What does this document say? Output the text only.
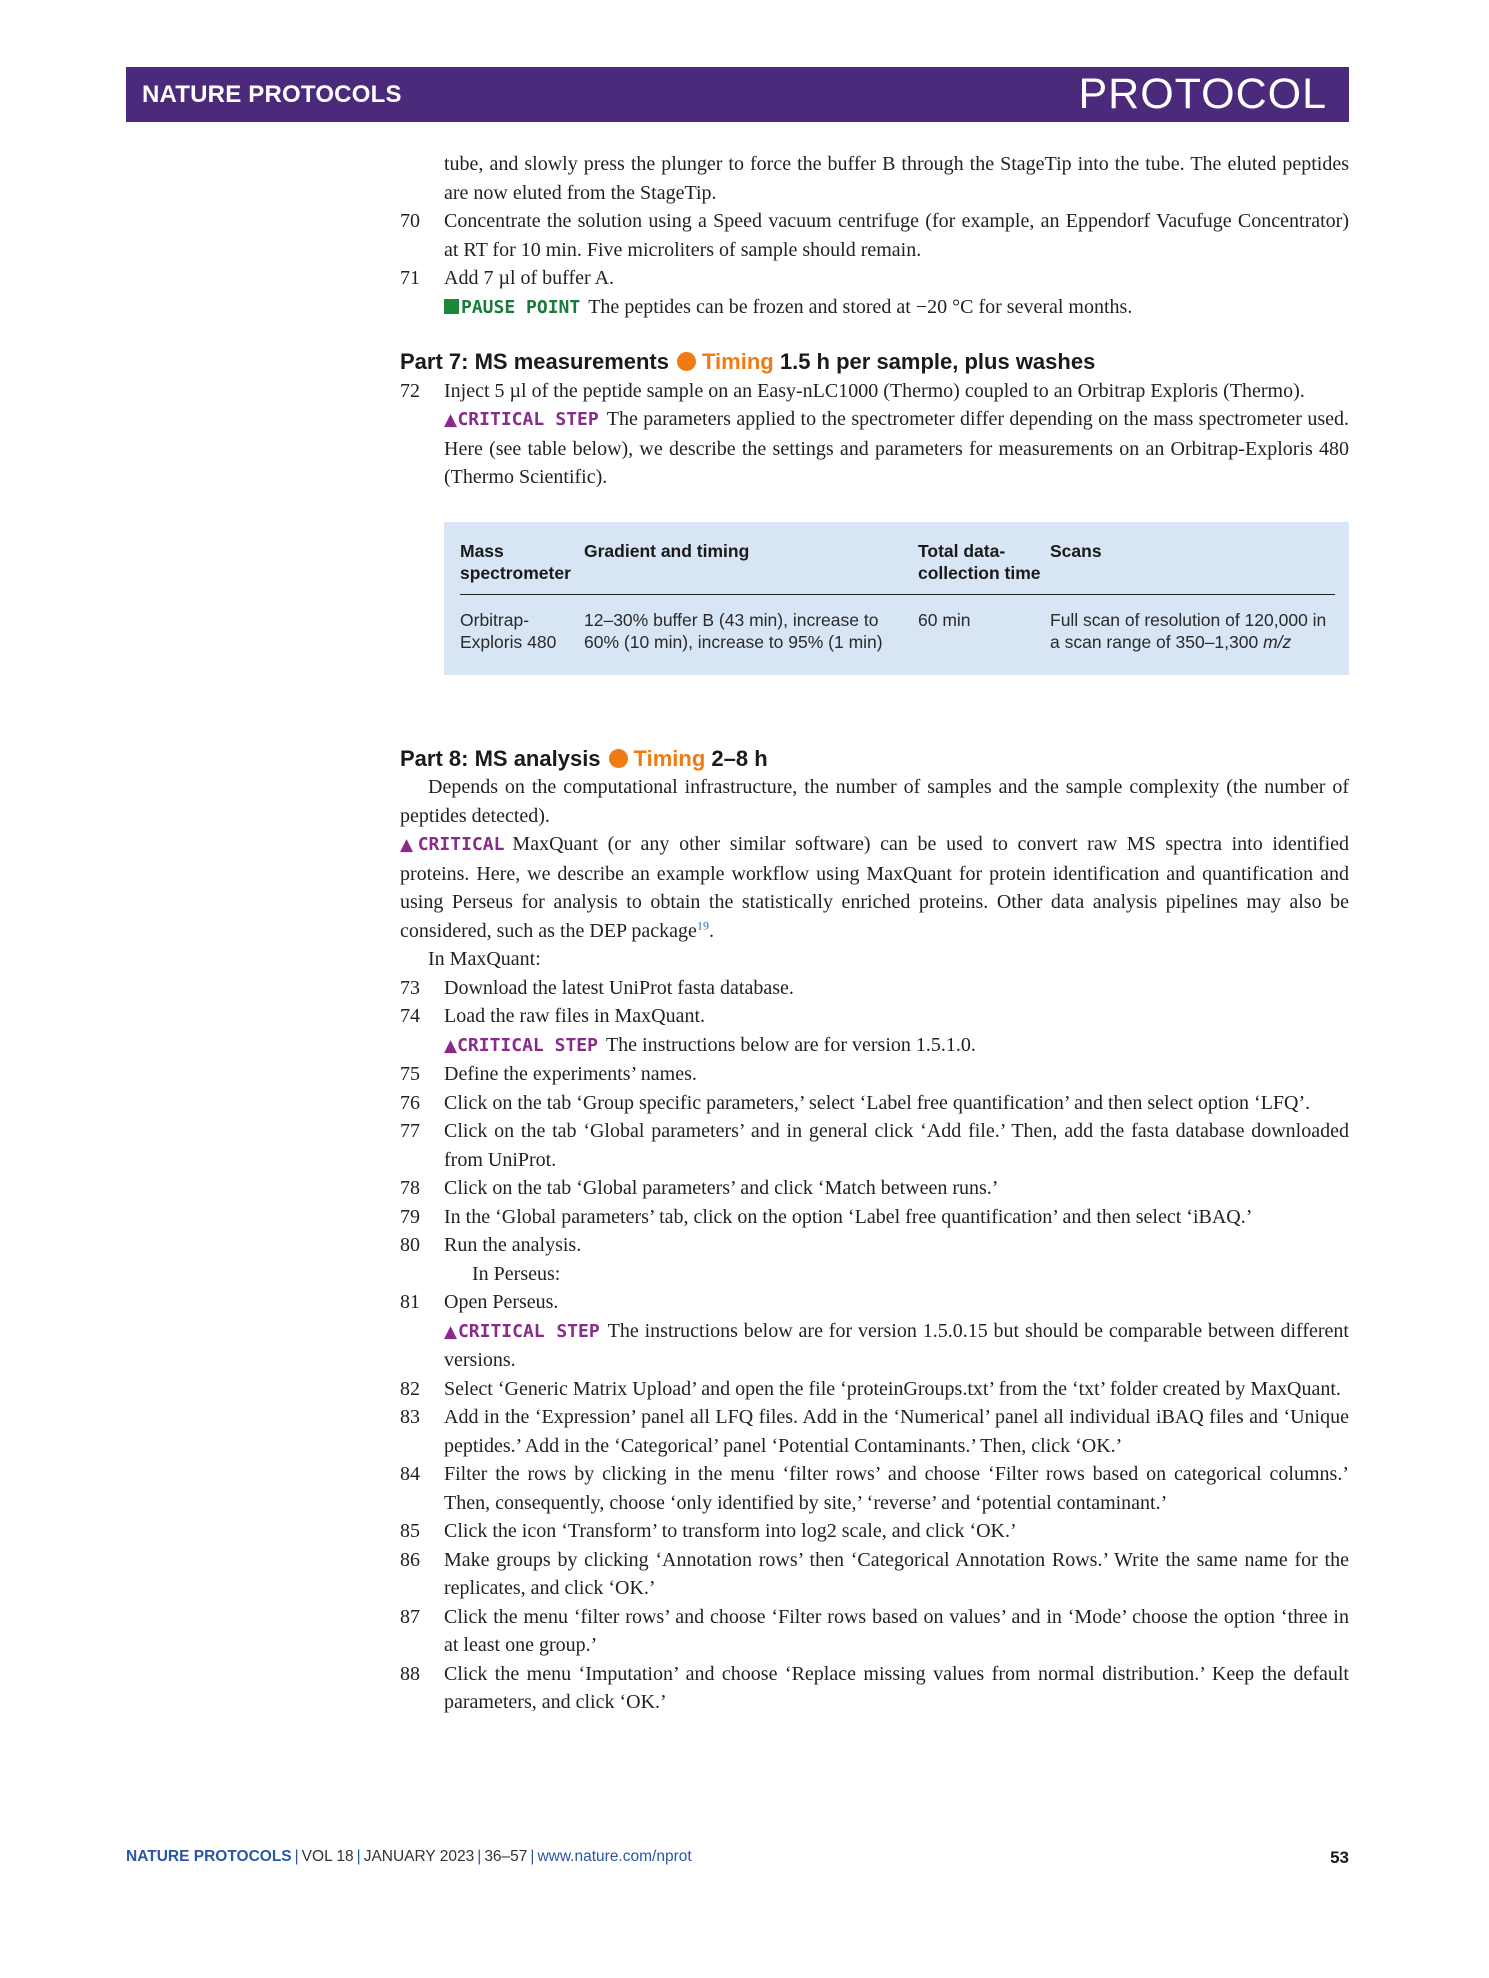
NATURE PROTOCOLS	PROTOCOL
tube, and slowly press the plunger to force the buffer B through the StageTip into the tube. The eluted peptides are now eluted from the StageTip.
70	Concentrate the solution using a Speed vacuum centrifuge (for example, an Eppendorf Vacufuge Concentrator) at RT for 10 min. Five microliters of sample should remain.
71	Add 7 µl of buffer A.
PAUSE POINT The peptides can be frozen and stored at −20 °C for several months.
Part 7: MS measurements Timing 1.5 h per sample, plus washes
72	Inject 5 µl of the peptide sample on an Easy-nLC1000 (Thermo) coupled to an Orbitrap Exploris (Thermo).
▲CRITICAL STEP The parameters applied to the spectrometer differ depending on the mass spectrometer used. Here (see table below), we describe the settings and parameters for measurements on an Orbitrap-Exploris 480 (Thermo Scientific).
Mass spectrometer	Gradient and timing	Total data-collection time	Scans
Orbitrap-Exploris 480	12–30% buffer B (43 min), increase to 60% (10 min), increase to 95% (1 min)	60 min	Full scan of resolution of 120,000 in a scan range of 350–1,300 m/z
Part 8: MS analysis Timing 2–8 h
Depends on the computational infrastructure, the number of samples and the sample complexity (the number of peptides detected).
▲CRITICAL MaxQuant (or any other similar software) can be used to convert raw MS spectra into identified proteins. Here, we describe an example workflow using MaxQuant for protein identification and quantification and using Perseus for analysis to obtain the statistically enriched proteins. Other data analysis pipelines may also be considered, such as the DEP package$^{19}$.
In MaxQuant:
73	Download the latest UniProt fasta database.
74	Load the raw files in MaxQuant.
▲CRITICAL STEP The instructions below are for version 1.5.1.0.
75	Define the experiments’ names.
76	Click on the tab ‘Group specific parameters,’ select ‘Label free quantification’ and then select option ‘LFQ’.
77	Click on the tab ‘Global parameters’ and in general click ‘Add file.’ Then, add the fasta database downloaded from UniProt.
78	Click on the tab ‘Global parameters’ and click ‘Match between runs.’
79	In the ‘Global parameters’ tab, click on the option ‘Label free quantification’ and then select ‘iBAQ.’
80	Run the analysis.
In Perseus:
81	Open Perseus.
▲CRITICAL STEP The instructions below are for version 1.5.0.15 but should be comparable between different versions.
82	Select ‘Generic Matrix Upload’ and open the file ‘proteinGroups.txt’ from the ‘txt’ folder created by MaxQuant.
83	Add in the ‘Expression’ panel all LFQ files. Add in the ‘Numerical’ panel all individual iBAQ files and ‘Unique peptides.’ Add in the ‘Categorical’ panel ‘Potential Contaminants.’ Then, click ‘OK.’
84	Filter the rows by clicking in the menu ‘filter rows’ and choose ‘Filter rows based on categorical columns.’ Then, consequently, choose ‘only identified by site,’ ‘reverse’ and ‘potential contaminant.’
85	Click the icon ‘Transform’ to transform into log2 scale, and click ‘OK.’
86	Make groups by clicking ‘Annotation rows’ then ‘Categorical Annotation Rows.’ Write the same name for the replicates, and click ‘OK.’
87	Click the menu ‘filter rows’ and choose ‘Filter rows based on values’ and in ‘Mode’ choose the option ‘three in at least one group.’
88	Click the menu ‘Imputation’ and choose ‘Replace missing values from normal distribution.’ Keep the default parameters, and click ‘OK.’
NATURE PROTOCOLS | VOL 18 | JANUARY 2023 | 36–57 | www.nature.com/nprot	53
